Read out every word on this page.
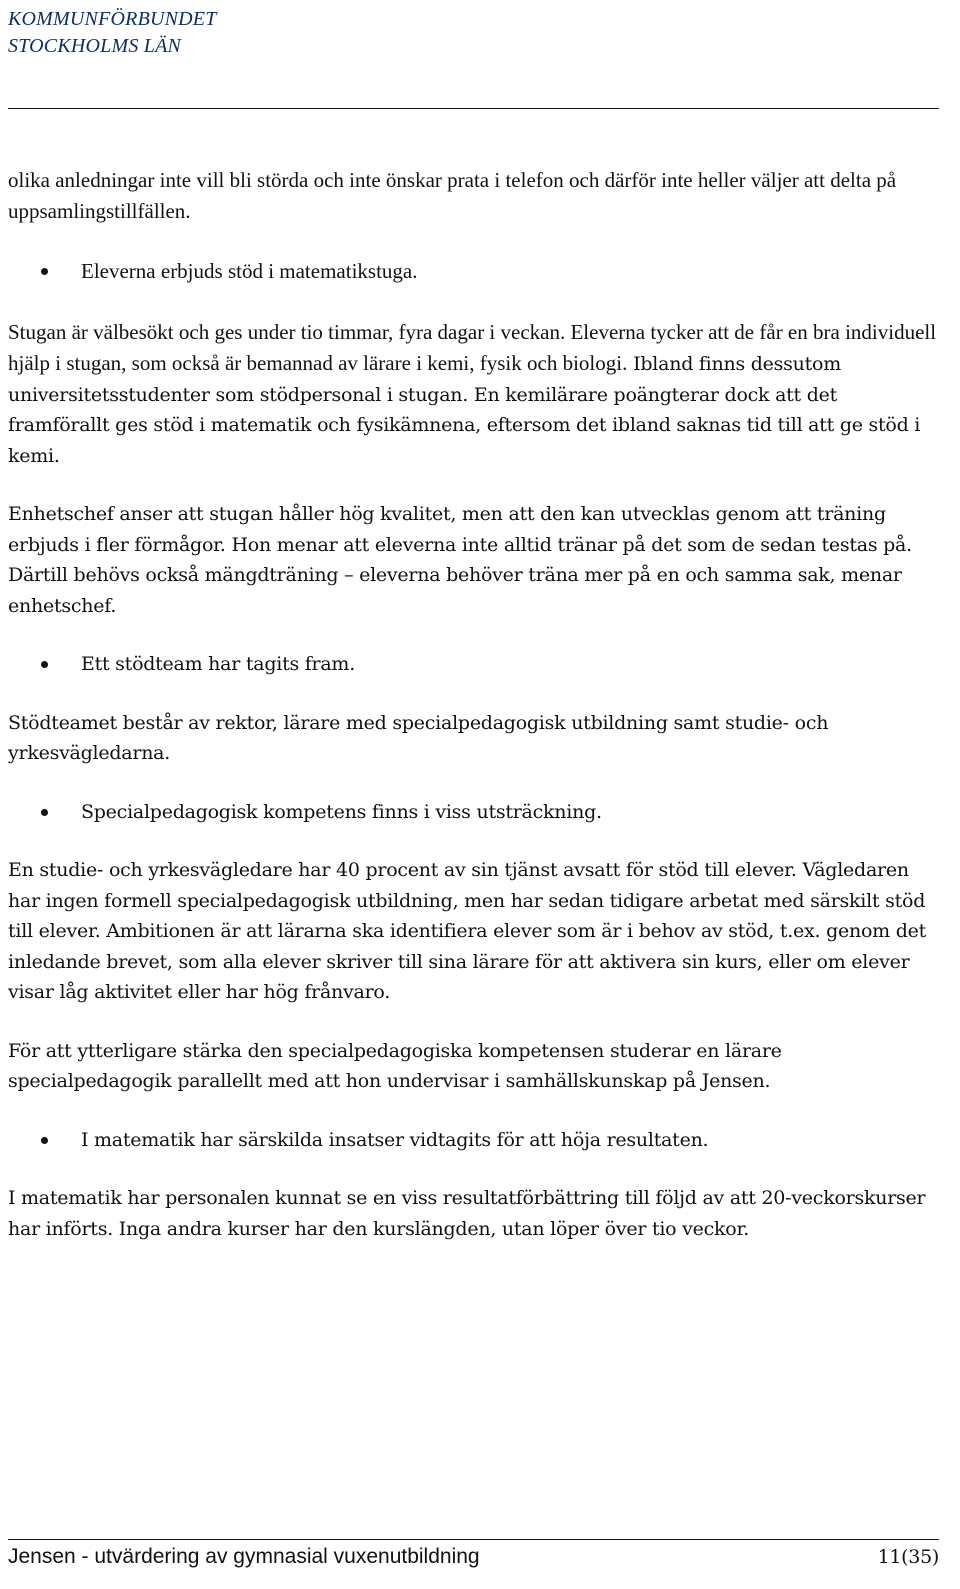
KOMMUNFÖRBUNDET
STOCKHOLMS LÄN

olika anledningar inte vill bli störda och inte önskar prata i telefon och därför inte heller väljer att delta på uppsamlingstillfällen.

Eleverna erbjuds stöd i matematikstuga.

Stugan är välbesökt och ges under tio timmar, fyra dagar i veckan. Eleverna tycker att de får en bra individuell hjälp i stugan, som också är bemannad av lärare i kemi, fysik och biologi. Ibland finns dessutom universitetsstudenter som stödpersonal i stugan. En kemilärare poängterar dock att det framförallt ges stöd i matematik och fysikämnena, eftersom det ibland saknas tid till att ge stöd i kemi.

Enhetschef anser att stugan håller hög kvalitet, men att den kan utvecklas genom att träning erbjuds i fler förmågor. Hon menar att eleverna inte alltid tränar på det som de sedan testas på. Därtill behövs också mängdträning – eleverna behöver träna mer på en och samma sak, menar enhetschef.

Ett stödteam har tagits fram.

Stödteamet består av rektor, lärare med specialpedagogisk utbildning samt studie- och yrkesvägledarna.

Specialpedagogisk kompetens finns i viss utsträckning.

En studie- och yrkesvägledare har 40 procent av sin tjänst avsatt för stöd till elever. Vägledaren har ingen formell specialpedagogisk utbildning, men har sedan tidigare arbetat med särskilt stöd till elever. Ambitionen är att lärarna ska identifiera elever som är i behov av stöd, t.ex. genom det inledande brevet, som alla elever skriver till sina lärare för att aktivera sin kurs, eller om elever visar låg aktivitet eller har hög frånvaro.

För att ytterligare stärka den specialpedagogiska kompetensen studerar en lärare specialpedagogik parallellt med att hon undervisar i samhällskunskap på Jensen.

I matematik har särskilda insatser vidtagits för att höja resultaten.

I matematik har personalen kunnat se en viss resultatförbättring till följd av att 20-veckorskurser har införts. Inga andra kurser har den kurslängden, utan löper över tio veckor.

Jensen - utvärdering av gymnasial vuxenutbildning	11(35)
